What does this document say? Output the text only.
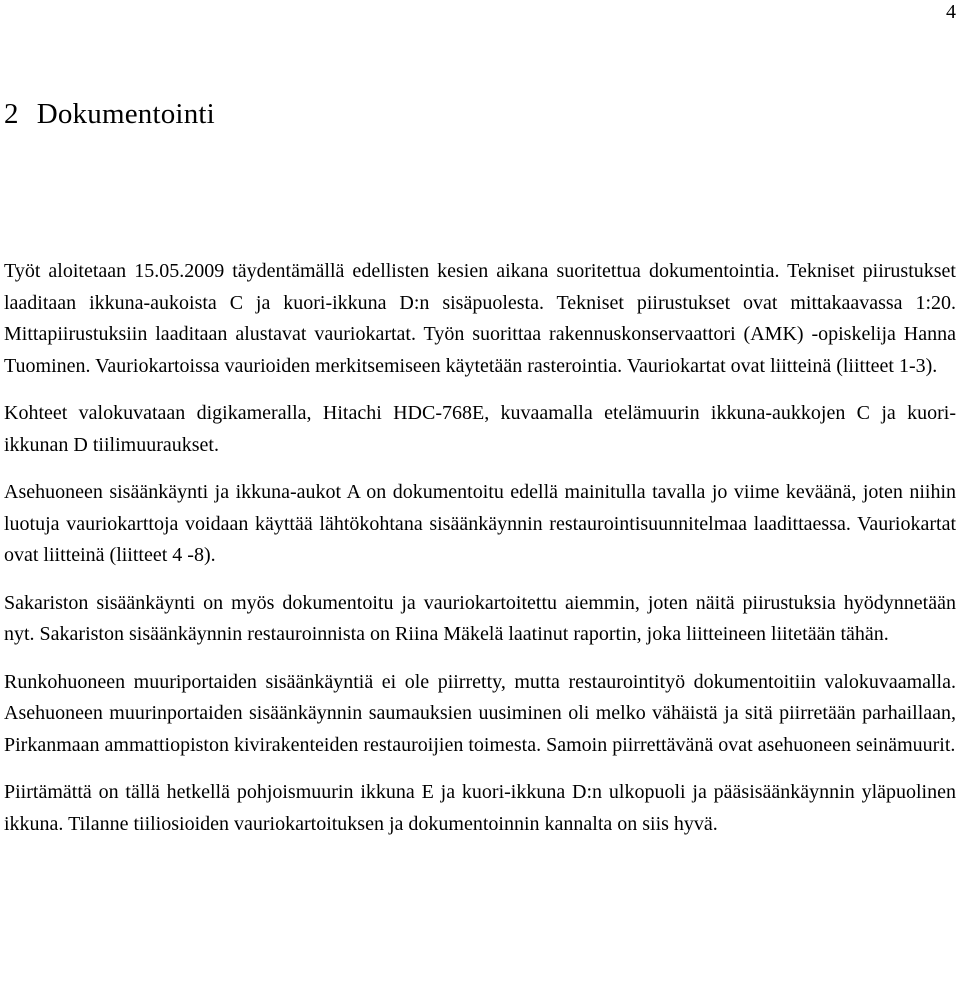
4
2 Dokumentointi

Työt aloitetaan 15.05.2009 täydentämällä edellisten kesien aikana suoritettua dokumentointia. Tekniset piirustukset laaditaan ikkuna-aukoista C ja kuori-ikkuna D:n sisäpuolesta. Tekniset piirustukset ovat mittakaavassa 1:20. Mittapiirustuksiin laaditaan alustavat vauriokartat. Työn suorittaa rakennuskonservaattori (AMK) -opiskelija Hanna Tuominen. Vauriokartoissa vaurioiden merkitsemiseen käytetään rasterointia. Vauriokartat ovat liitteinä (liitteet 1-3).

Kohteet valokuvataan digikameralla, Hitachi HDC-768E, kuvaamalla etelämuurin ikkuna-aukkojen C ja kuori-ikkunan D tiilimuuraukset.

Asehuoneen sisäänkäynti ja ikkuna-aukot A on dokumentoitu edellä mainitulla tavalla jo viime keväänä, joten niihin luotuja vauriokarttoja voidaan käyttää lähtökohtana sisäänkäynnin restaurointisuunnitelmaa laadittaessa. Vauriokartat ovat liitteinä (liitteet 4 -8).

Sakariston sisäänkäynti on myös dokumentoitu ja vauriokartoitettu aiemmin, joten näitä piirustuksia hyödynnetään nyt. Sakariston sisäänkäynnin restauroinnista on Riina Mäkelä laatinut raportin, joka liitteineen liitetään tähän.

Runkohuoneen muuriportaiden sisäänkäyntiä ei ole piirretty, mutta restaurointityö dokumentoitiin valokuvaamalla. Asehuoneen muurinportaiden sisäänkäynnin saumauksien uusiminen oli melko vähäistä ja sitä piirretään parhaillaan, Pirkanmaan ammattiopiston kivirakenteiden restauroijien toimesta. Samoin piirrettävänä ovat asehuoneen seinämuurit.

Piirtämättä on tällä hetkellä pohjoismuurin ikkuna E ja kuori-ikkuna D:n ulkopuoli ja pääsisäänkäynnin yläpuolinen ikkuna. Tilanne tiiliosioiden vauriokartoituksen ja dokumentoinnin kannalta on siis hyvä.
